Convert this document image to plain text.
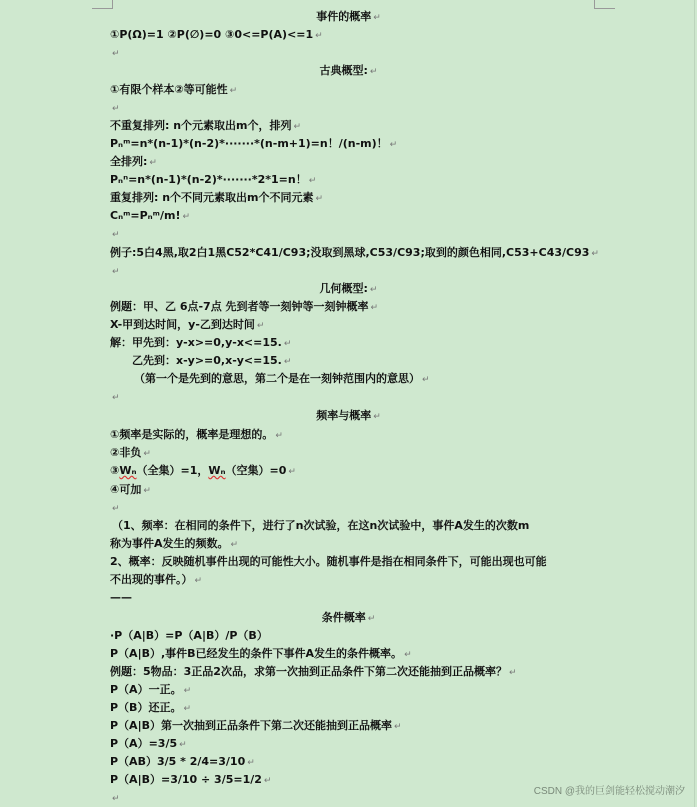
事件的概率 ↵
①P(Ω)=1 ②P(∅)=0 ③0<=P(A)<=1 ↵
↵
古典概型: ↵
①有限个样本②等可能性 ↵
↵
不重复排列: n个元素取出m个，排列 ↵
Pₙᵐ=n*(n-1)*(n-2)*·······*(n-m+1)=n！/(n-m)！ ↵
全排列: ↵
Pₙⁿ=n*(n-1)*(n-2)*·······*2*1=n！ ↵
重复排列: n个不同元素取出m个不同元素 ↵
Cₙᵐ=Pₙᵐ/m! ↵
↵
例子:5白4黑,取2白1黑C52*C41/C93;没取到黑球,C53/C93;取到的颜色相同,C53+C43/C93 ↵
↵
几何概型: ↵
例题：甲、乙 6点-7点 先到者等一刻钟等一刻钟概率 ↵
X-甲到达时间，y-乙到达时间 ↵
解：甲先到：y-x>=0,y-x<=15. ↵
乙先到：x-y>=0,x-y<=15. ↵
（第一个是先到的意思，第二个是在一刻钟范围内的意思） ↵
↵
频率与概率 ↵
①频率是实际的，概率是理想的。 ↵
②非负 ↵
③Wₙ（全集）=1，Wₙ（空集）=0 ↵
④可加 ↵
↵
（1、频率：在相同的条件下，进行了n次试验，在这n次试验中，事件A发生的次数m
称为事件A发生的频数。 ↵
2、概率：反映随机事件出现的可能性大小。随机事件是指在相同条件下，可能出现也可能
不出现的事件。） ↵
——
条件概率 ↵
·P（A|B）=P（A|B）/P（B）
P（A|B）,事件B已经发生的条件下事件A发生的条件概率。 ↵
例题：5物品：3正品2次品，求第一次抽到正品条件下第二次还能抽到正品概率？ ↵
P（A）一正。 ↵
P（B）还正。 ↵
P（A|B）第一次抽到正品条件下第二次还能抽到正品概率 ↵
P（A）=3/5 ↵
P（AB）3/5 * 2/4=3/10 ↵
P（A|B）=3/10 ÷ 3/5=1/2 ↵
↵
CSDN @我的巨剑能轻松搅动潮汐
